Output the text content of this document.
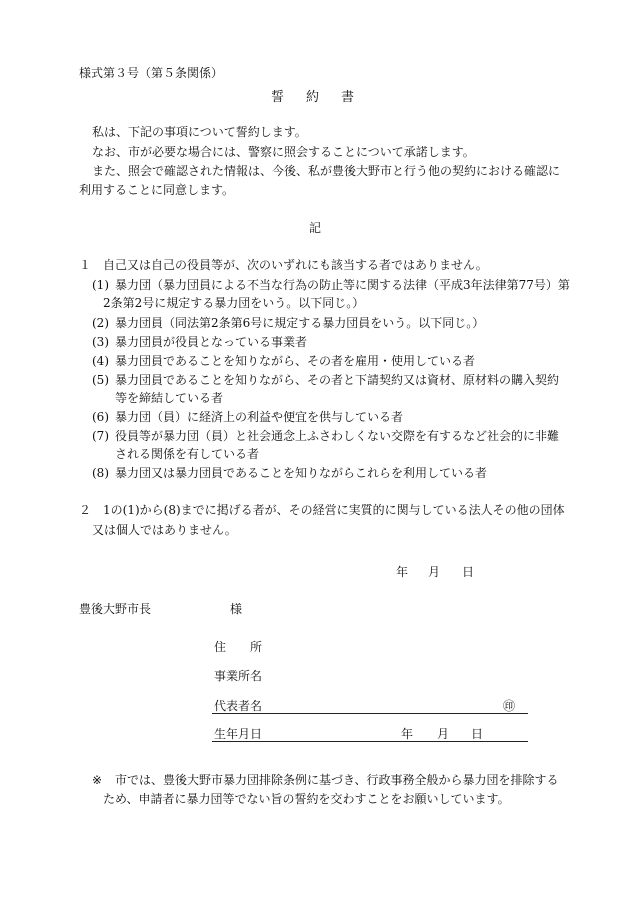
様式第３号（第５条関係）
誓 約 書
私は、下記の事項について誓約します。
なお、市が必要な場合には、警察に照会することについて承諾します。
また、照会で確認された情報は、今後、私が豊後大野市と行う他の契約における確認に
利用することに同意します。
記
１ 自己又は自己の役員等が、次のいずれにも該当する者ではありません。
(1) 暴力団（暴力団員による不当な行為の防止等に関する法律（平成3年法律第77号）第
2条第2号に規定する暴力団をいう。以下同じ。）
(2) 暴力団員（同法第2条第6号に規定する暴力団員をいう。以下同じ。）
(3) 暴力団員が役員となっている事業者
(4) 暴力団員であることを知りながら、その者を雇用・使用している者
(5) 暴力団員であることを知りながら、その者と下請契約又は資材、原材料の購入契約
等を締結している者
(6) 暴力団（員）に経済上の利益や便宜を供与している者
(7) 役員等が暴力団（員）と社会通念上ふさわしくない交際を有するなど社会的に非難
される関係を有している者
(8) 暴力団又は暴力団員であることを知りながらこれらを利用している者
２ 1の(1)から(8)までに掲げる者が、その経営に実質的に関与している法人その他の団体
又は個人ではありません。
年 月 日
豊後大野市長	様
住　　所
事業所名
代表者名	㊞
生年月日	年 月 日
※ 市では、豊後大野市暴力団排除条例に基づき、行政事務全般から暴力団を排除する
ため、申請者に暴力団等でない旨の誓約を交わすことをお願いしています。
